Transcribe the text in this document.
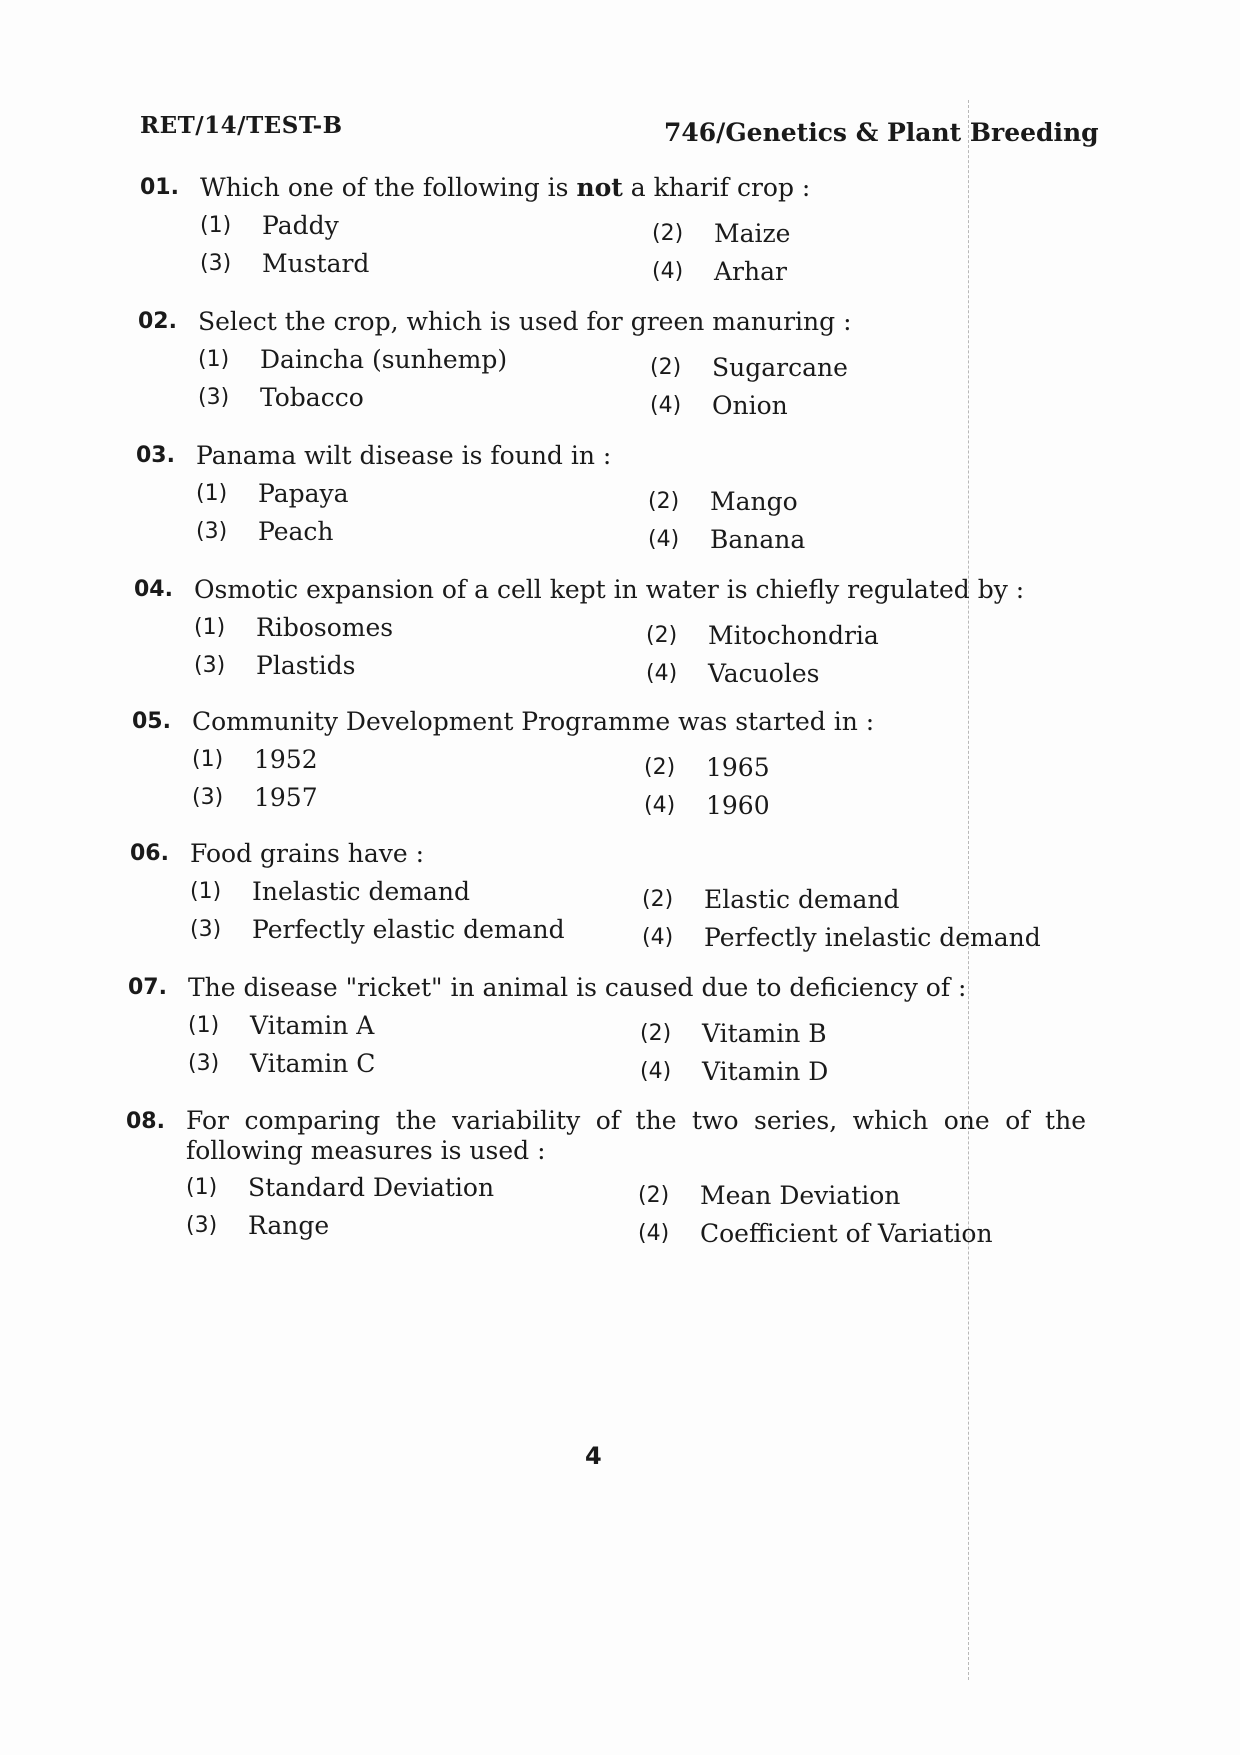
RET/14/TEST-B	746/Genetics & Plant Breeding
01. Which one of the following is not a kharif crop :
(1)	Paddy	(2)	Maize
(3)	Mustard	(4)	Arhar
02. Select the crop, which is used for green manuring :
(1)	Daincha (sunhemp)	(2)	Sugarcane
(3)	Tobacco	(4)	Onion
03. Panama wilt disease is found in :
(1)	Papaya	(2)	Mango
(3)	Peach	(4)	Banana
04. Osmotic expansion of a cell kept in water is chiefly regulated by :
(1)	Ribosomes	(2)	Mitochondria
(3)	Plastids	(4)	Vacuoles
05. Community Development Programme was started in :
(1)	1952	(2)	1965
(3)	1957	(4)	1960
06. Food grains have :
(1)	Inelastic demand	(2)	Elastic demand
(3)	Perfectly elastic demand	(4)	Perfectly inelastic demand
07. The disease "ricket" in animal is caused due to deficiency of :
(1)	Vitamin A	(2)	Vitamin B
(3)	Vitamin C	(4)	Vitamin D
08. For comparing the variability of the two series, which one of the following measures is used :
(1)	Standard Deviation	(2)	Mean Deviation
(3)	Range	(4)	Coefficient of Variation
4
